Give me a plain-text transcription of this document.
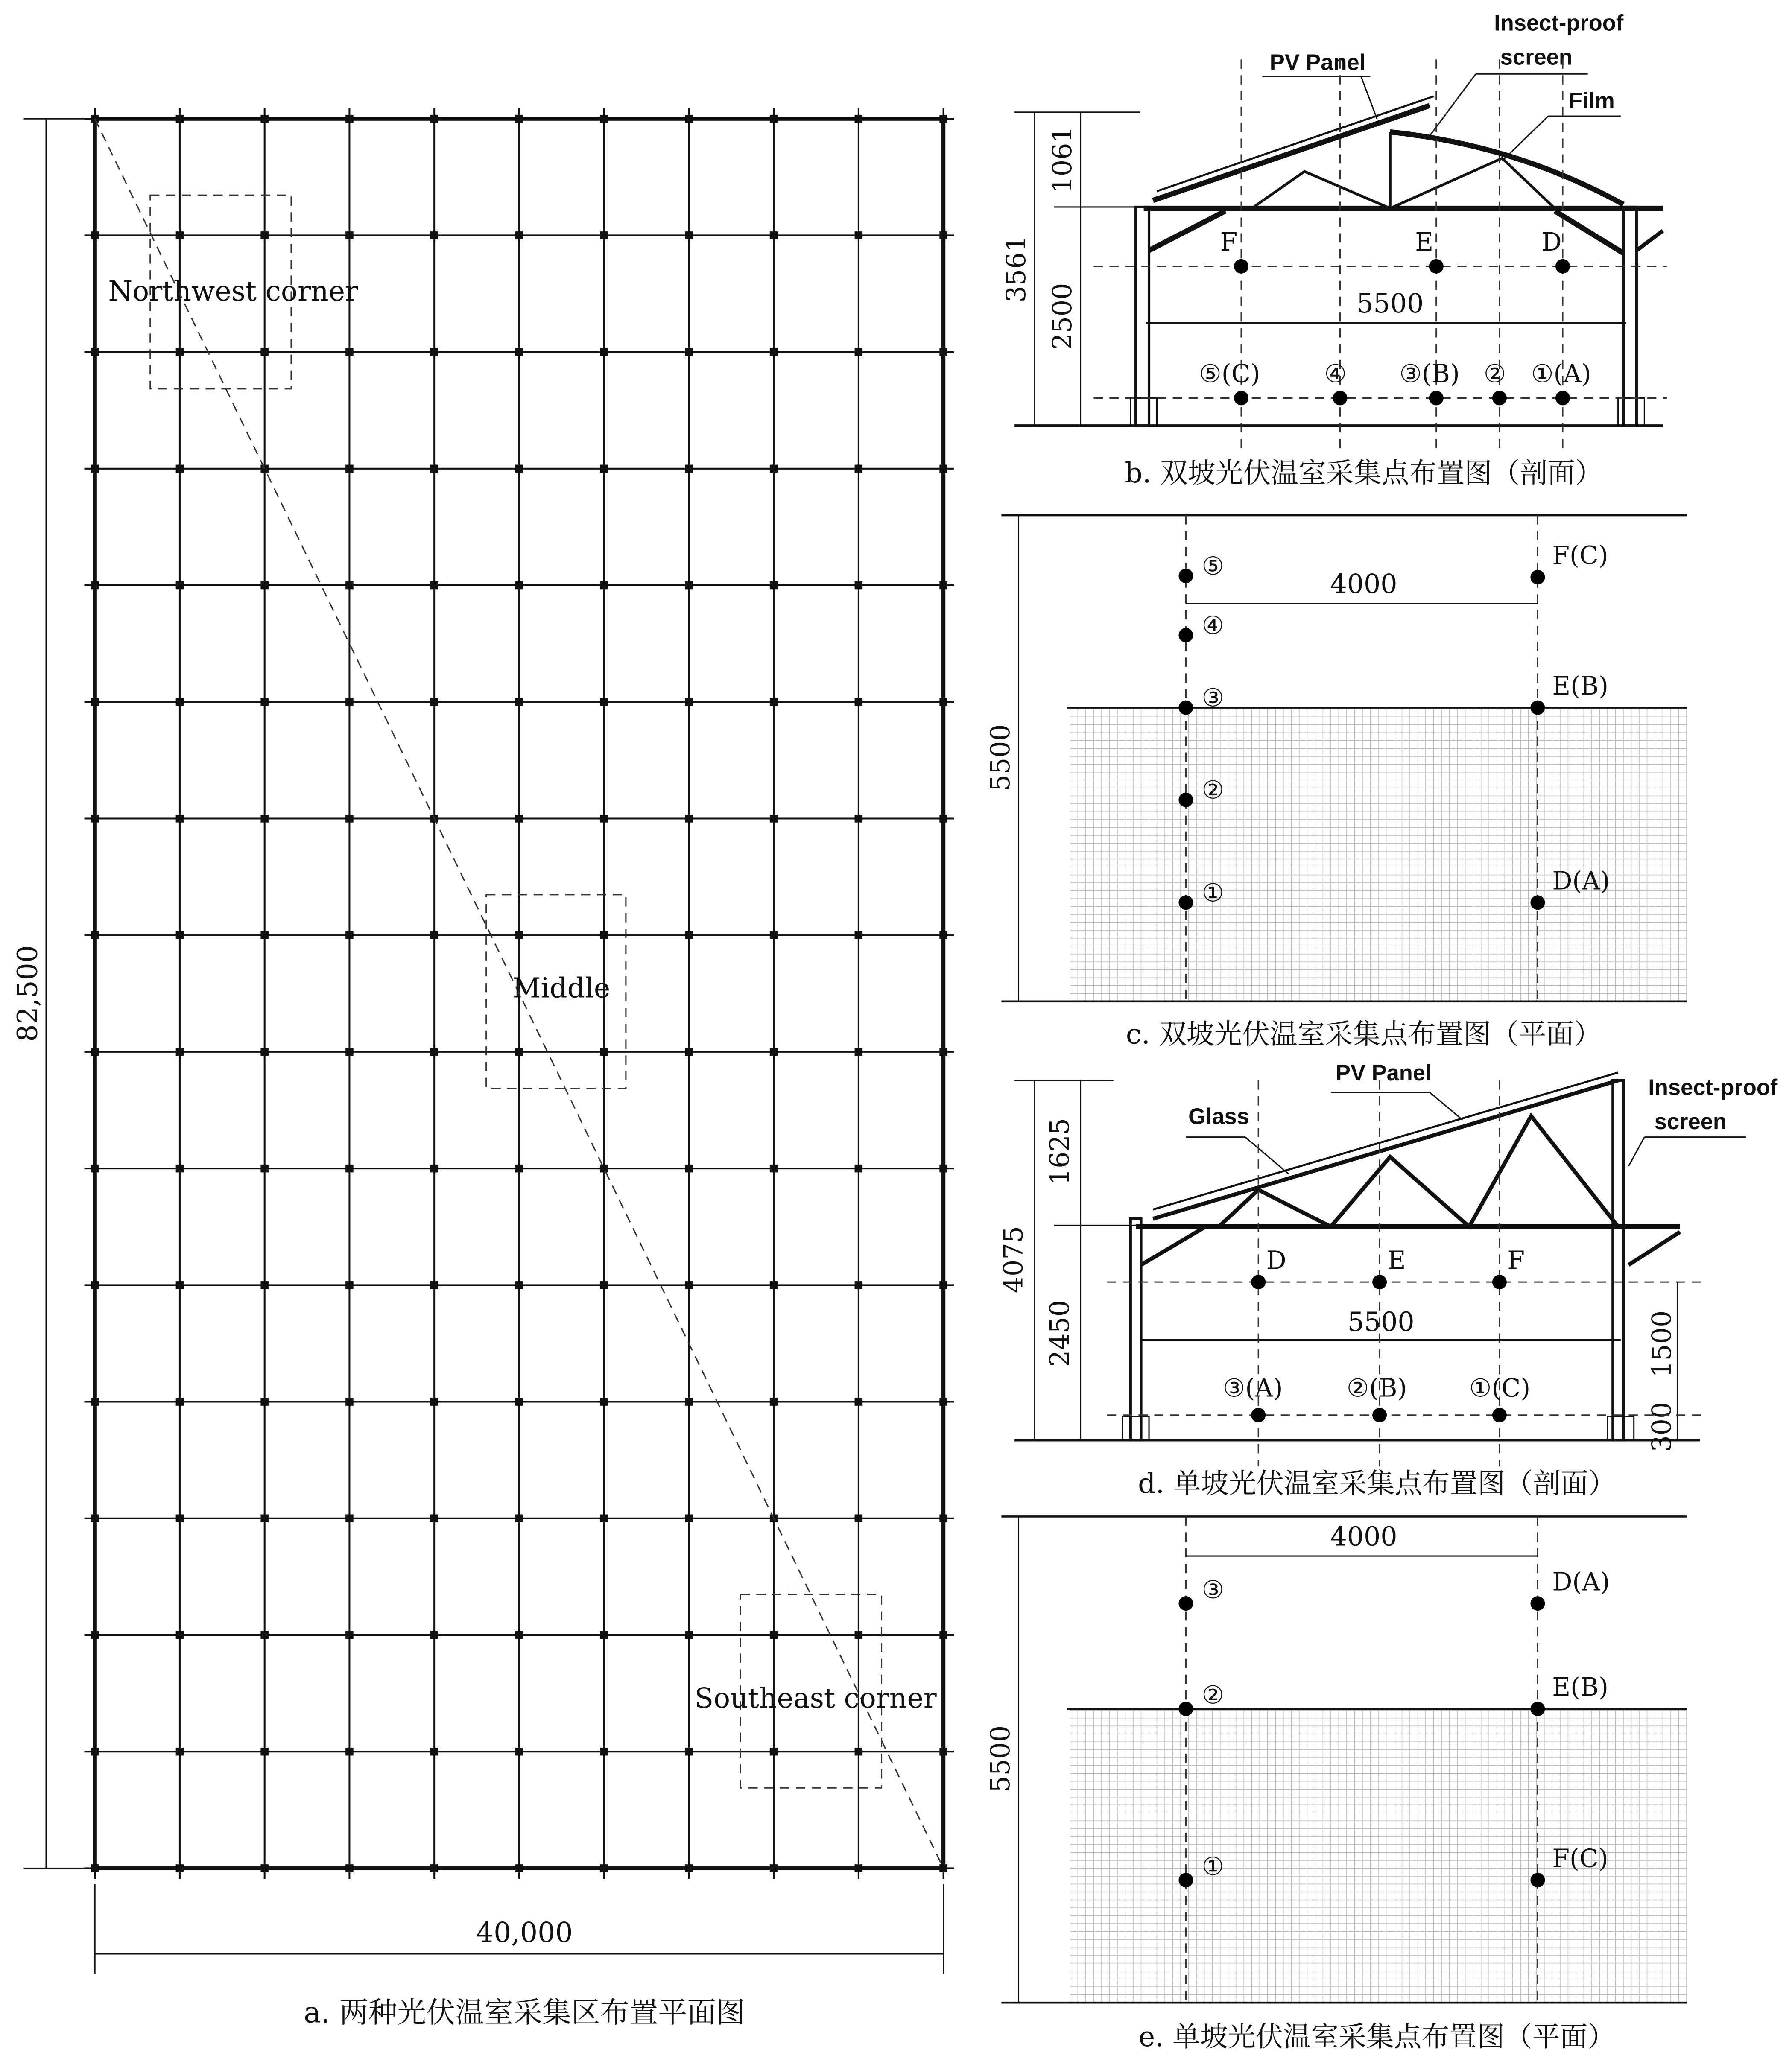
Northwest corner
Middle
Southeast corner
82,500
40,000
a. 两种光伏温室采集区布置平面图
3561
1061
2500
PV Panel
Insect-proof
screen
Film
5500
F	E	D
⑤(C)	④	③(B)	②	①(A)
b. 双坡光伏温室采集点布置图（剖面）
5500
4000
⑤
④
③
②
①
F(C)
E(B)
D(A)
c. 双坡光伏温室采集点布置图（平面）
4075
1625
2450	1500
300
PV Panel
Glass
Insect-proof
screen
5500
D	E	F
③(A)	②(B)	①(C)
d. 单坡光伏温室采集点布置图（剖面）
5500
4000
③
②
①
D(A)
E(B)
F(C)
e. 单坡光伏温室采集点布置图（平面）
